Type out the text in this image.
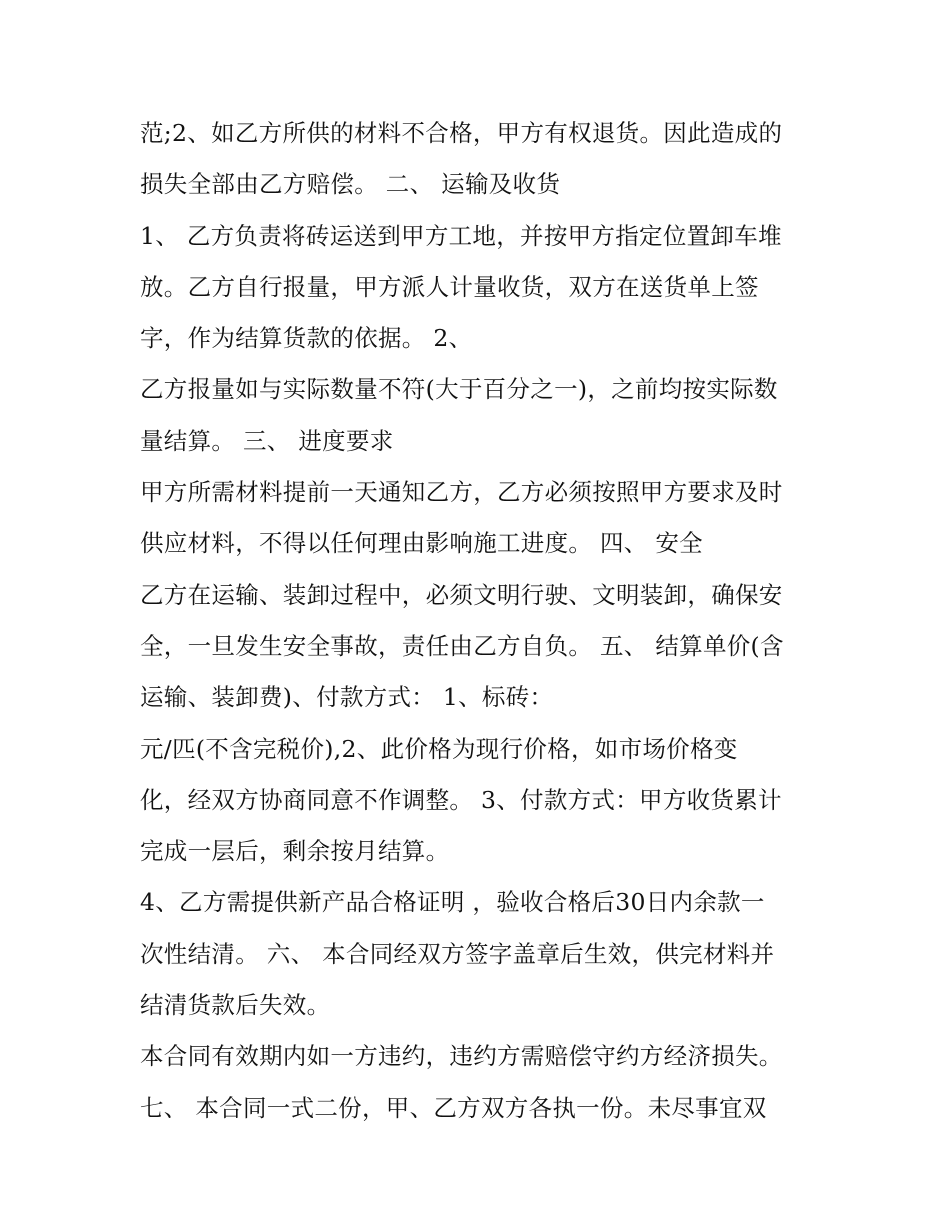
范;2、如乙方所供的材料不合格，甲方有权退货。因此造成的
损失全部由乙方赔偿。 二、 运输及收货
1、 乙方负责将砖运送到甲方工地，并按甲方指定位置卸车堆
放。乙方自行报量，甲方派人计量收货，双方在送货单上签
字，作为结算货款的依据。 2、
乙方报量如与实际数量不符(大于百分之一)，之前均按实际数
量结算。 三、 进度要求
甲方所需材料提前一天通知乙方，乙方必须按照甲方要求及时
供应材料，不得以任何理由影响施工进度。 四、 安全
乙方在运输、装卸过程中，必须文明行驶、文明装卸，确保安
全，一旦发生安全事故，责任由乙方自负。 五、 结算单价(含
运输、装卸费)、付款方式： 1、标砖：
元/匹(不含完税价),2、此价格为现行价格，如市场价格变
化，经双方协商同意不作调整。 3、付款方式：甲方收货累计
完成一层后，剩余按月结算。
4、乙方需提供新产品合格证明 ，验收合格后30日内余款一
次性结清。 六、 本合同经双方签字盖章后生效，供完材料并
结清货款后失效。
本合同有效期内如一方违约，违约方需赔偿守约方经济损失。
七、 本合同一式二份，甲、乙方双方各执一份。未尽事宜双
